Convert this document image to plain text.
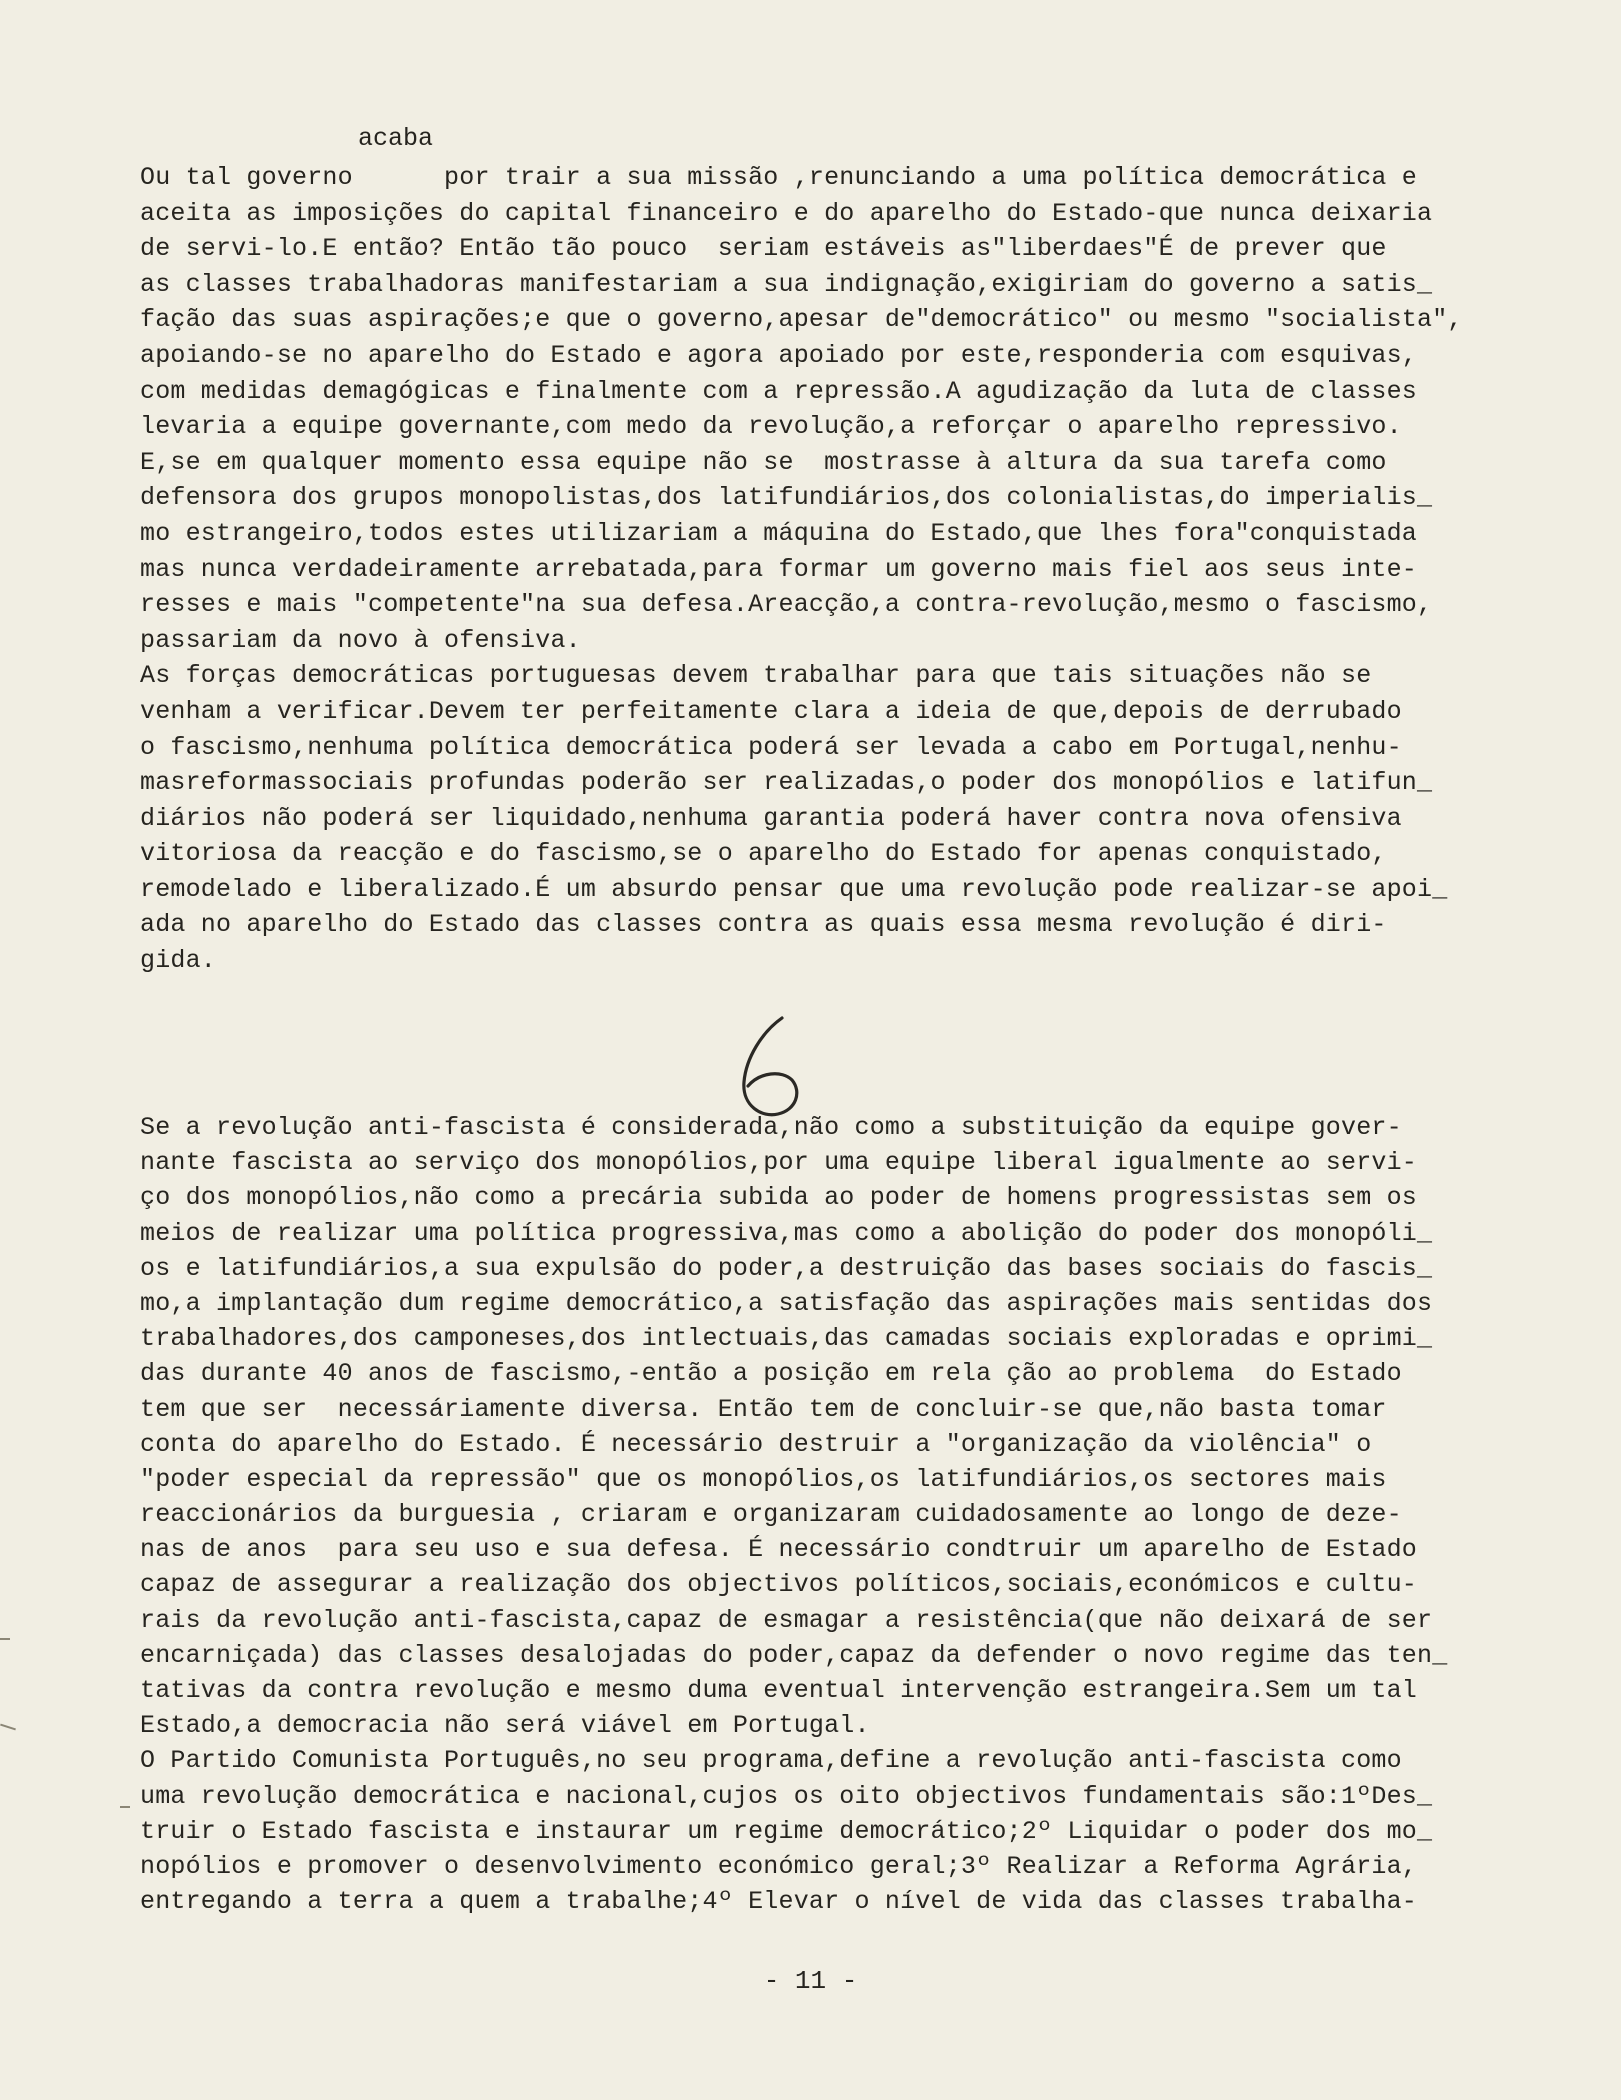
acaba
Ou tal governo      por trair a sua missão ,renunciando a uma política democrática e
aceita as imposições do capital financeiro e do aparelho do Estado-que nunca deixaria
de servi-lo.E então? Então tão pouco  seriam estáveis as"liberdaes"É de prever que
as classes trabalhadoras manifestariam a sua indignação,exigiriam do governo a satis_
fação das suas aspirações;e que o governo,apesar de"democrático" ou mesmo "socialista",
apoiando-se no aparelho do Estado e agora apoiado por este,responderia com esquivas,
com medidas demagógicas e finalmente com a repressão.A agudização da luta de classes
levaria a equipe governante,com medo da revolução,a reforçar o aparelho repressivo.
E,se em qualquer momento essa equipe não se  mostrasse à altura da sua tarefa como
defensora dos grupos monopolistas,dos latifundiários,dos colonialistas,do imperialis_
mo estrangeiro,todos estes utilizariam a máquina do Estado,que lhes fora"conquistada
mas nunca verdadeiramente arrebatada,para formar um governo mais fiel aos seus inte-
resses e mais "competente"na sua defesa.Areacção,a contra-revolução,mesmo o fascismo,
passariam da novo à ofensiva.
As forças democráticas portuguesas devem trabalhar para que tais situações não se
venham a verificar.Devem ter perfeitamente clara a ideia de que,depois de derrubado
o fascismo,nenhuma política democrática poderá ser levada a cabo em Portugal,nenhu-
masreformassociais profundas poderão ser realizadas,o poder dos monopólios e latifun_
diários não poderá ser liquidado,nenhuma garantia poderá haver contra nova ofensiva
vitoriosa da reacção e do fascismo,se o aparelho do Estado for apenas conquistado,
remodelado e liberalizado.É um absurdo pensar que uma revolução pode realizar-se apoi_
ada no aparelho do Estado das classes contra as quais essa mesma revolução é diri-
gida.
Se a revolução anti-fascista é considerada,não como a substituição da equipe gover-
nante fascista ao serviço dos monopólios,por uma equipe liberal igualmente ao servi-
ço dos monopólios,não como a precária subida ao poder de homens progressistas sem os
meios de realizar uma política progressiva,mas como a abolição do poder dos monopóli_
os e latifundiários,a sua expulsão do poder,a destruição das bases sociais do fascis_
mo,a implantação dum regime democrático,a satisfação das aspirações mais sentidas dos
trabalhadores,dos camponeses,dos intlectuais,das camadas sociais exploradas e oprimi_
das durante 40 anos de fascismo,-então a posição em rela ção ao problema  do Estado
tem que ser  necessáriamente diversa. Então tem de concluir-se que,não basta tomar
conta do aparelho do Estado. É necessário destruir a "organização da violência" o
"poder especial da repressão" que os monopólios,os latifundiários,os sectores mais
reaccionários da burguesia , criaram e organizaram cuidadosamente ao longo de deze-
nas de anos  para seu uso e sua defesa. É necessário condtruir um aparelho de Estado
capaz de assegurar a realização dos objectivos políticos,sociais,económicos e cultu-
rais da revolução anti-fascista,capaz de esmagar a resistência(que não deixará de ser
encarniçada) das classes desalojadas do poder,capaz da defender o novo regime das ten_
tativas da contra revolução e mesmo duma eventual intervenção estrangeira.Sem um tal
Estado,a democracia não será viável em Portugal.
O Partido Comunista Português,no seu programa,define a revolução anti-fascista como
uma revolução democrática e nacional,cujos os oito objectivos fundamentais são:1ºDes_
truir o Estado fascista e instaurar um regime democrático;2º Liquidar o poder dos mo_
nopólios e promover o desenvolvimento económico geral;3º Realizar a Reforma Agrária,
entregando a terra a quem a trabalhe;4º Elevar o nível de vida das classes trabalha-
- 11 -
